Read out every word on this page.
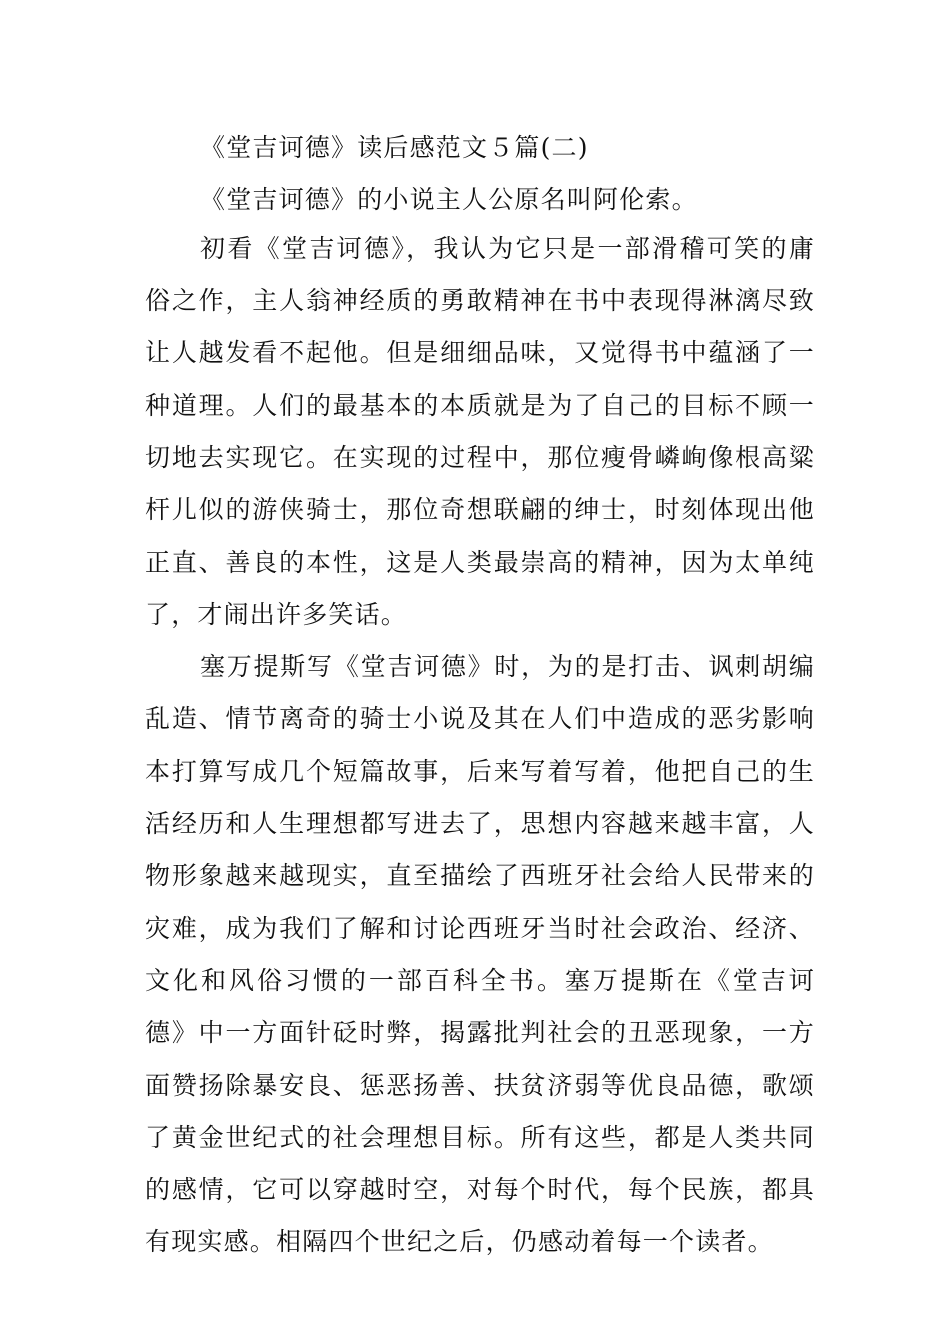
《堂吉诃德》读后感范文５篇(二)
《堂吉诃德》的小说主人公原名叫阿伦索。
初看《堂吉诃德》，我认为它只是一部滑稽可笑的庸
俗之作，主人翁神经质的勇敢精神在书中表现得淋漓尽致
让人越发看不起他。但是细细品味，又觉得书中蕴涵了一
种道理。人们的最基本的本质就是为了自己的目标不顾一
切地去实现它。在实现的过程中，那位瘦骨嶙峋像根高粱
杆儿似的游侠骑士，那位奇想联翩的绅士，时刻体现出他
正直、善良的本性，这是人类最崇高的精神，因为太单纯
了，才闹出许多笑话。
塞万提斯写《堂吉诃德》时，为的是打击、讽刺胡编
乱造、情节离奇的骑士小说及其在人们中造成的恶劣影响
本打算写成几个短篇故事，后来写着写着，他把自己的生
活经历和人生理想都写进去了，思想内容越来越丰富，人
物形象越来越现实，直至描绘了西班牙社会给人民带来的
灾难，成为我们了解和讨论西班牙当时社会政治、经济、
文化和风俗习惯的一部百科全书。塞万提斯在《堂吉诃
德》中一方面针砭时弊，揭露批判社会的丑恶现象，一方
面赞扬除暴安良、惩恶扬善、扶贫济弱等优良品德，歌颂
了黄金世纪式的社会理想目标。所有这些，都是人类共同
的感情，它可以穿越时空，对每个时代，每个民族，都具
有现实感。相隔四个世纪之后，仍感动着每一个读者。
